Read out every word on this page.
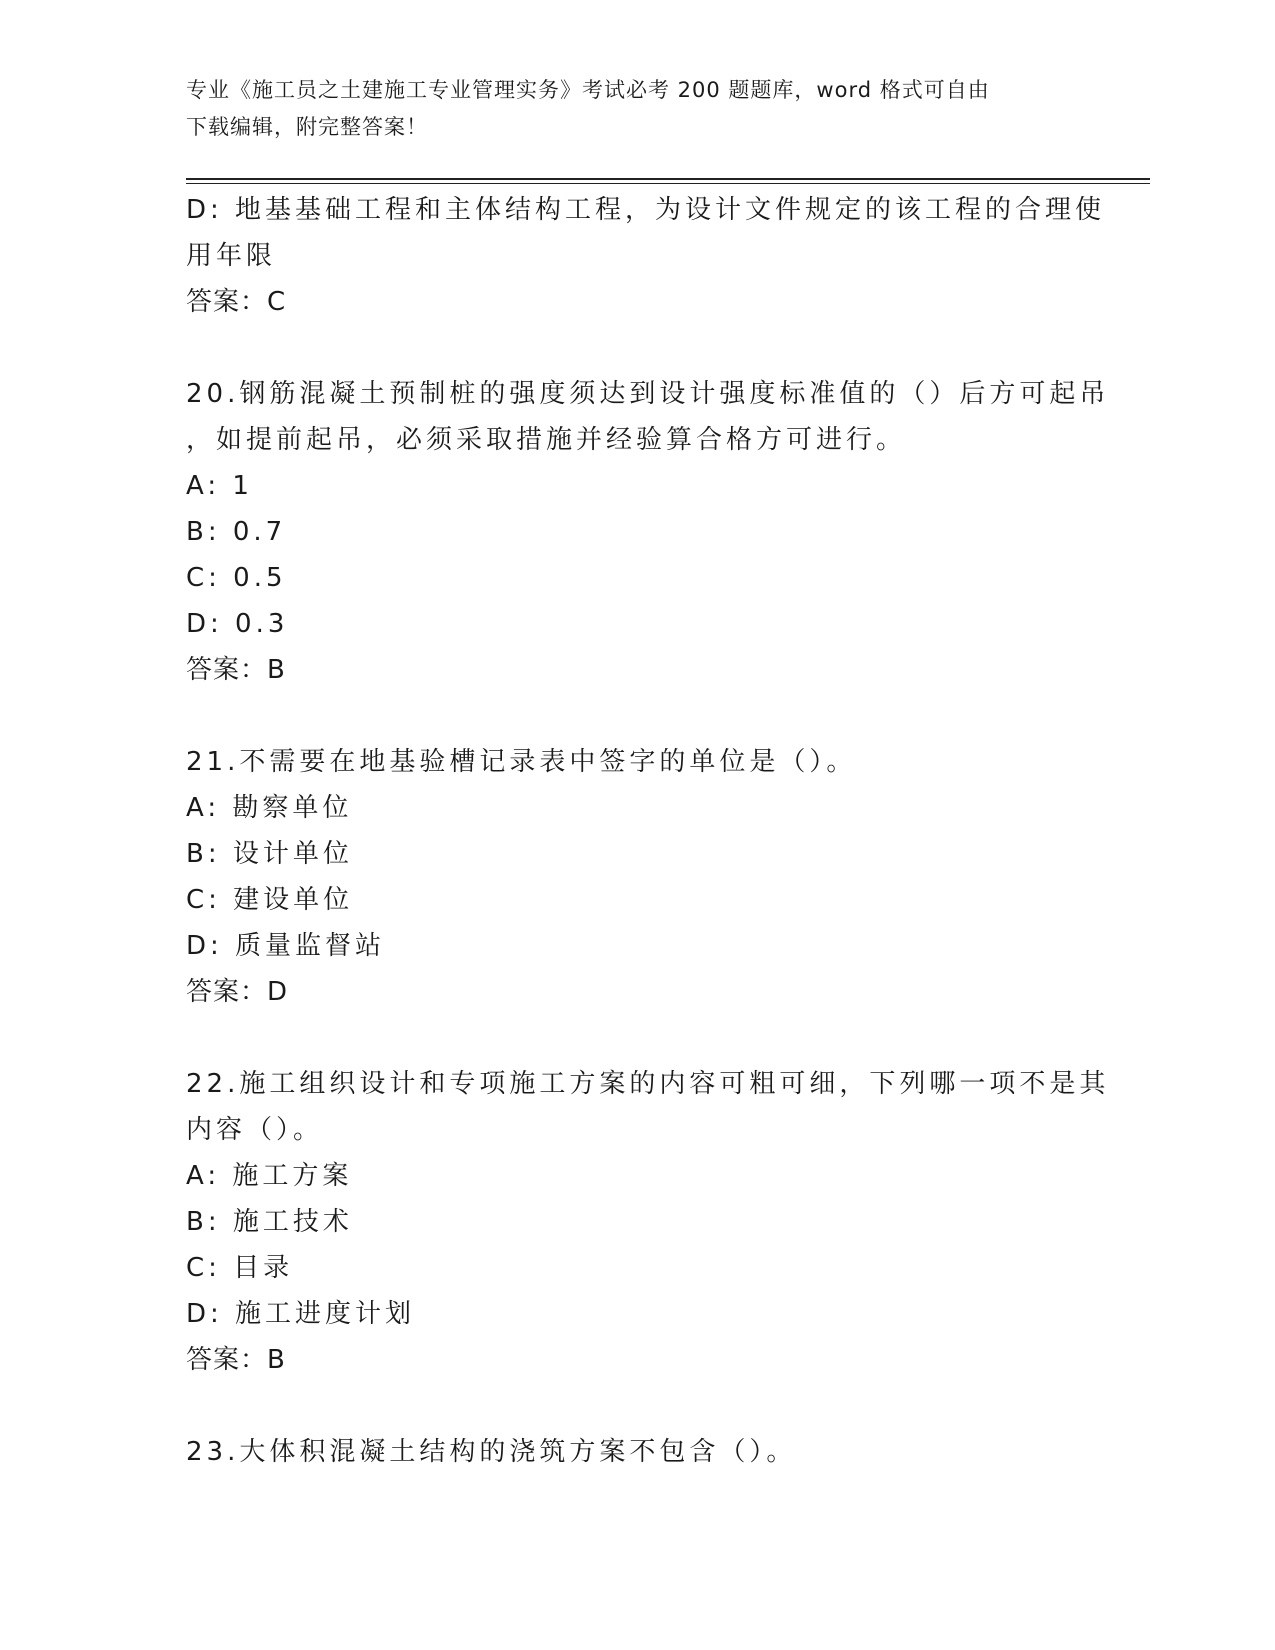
专业《施工员之土建施工专业管理实务》考试必考 200 题题库，word 格式可自由
下载编辑，附完整答案！
D: 地基基础工程和主体结构工程，为设计文件规定的该工程的合理使
用年限
答案：C
20.钢筋混凝土预制桩的强度须达到设计强度标准值的（）后方可起吊
，如提前起吊，必须采取措施并经验算合格方可进行。
A: 1
B: 0.7
C: 0.5
D: 0.3
答案：B
21.不需要在地基验槽记录表中签字的单位是（）。
A: 勘察单位
B: 设计单位
C: 建设单位
D: 质量监督站
答案：D
22.施工组织设计和专项施工方案的内容可粗可细，下列哪一项不是其
内容（）。
A: 施工方案
B: 施工技术
C: 目录
D: 施工进度计划
答案：B
23.大体积混凝土结构的浇筑方案不包含（）。
